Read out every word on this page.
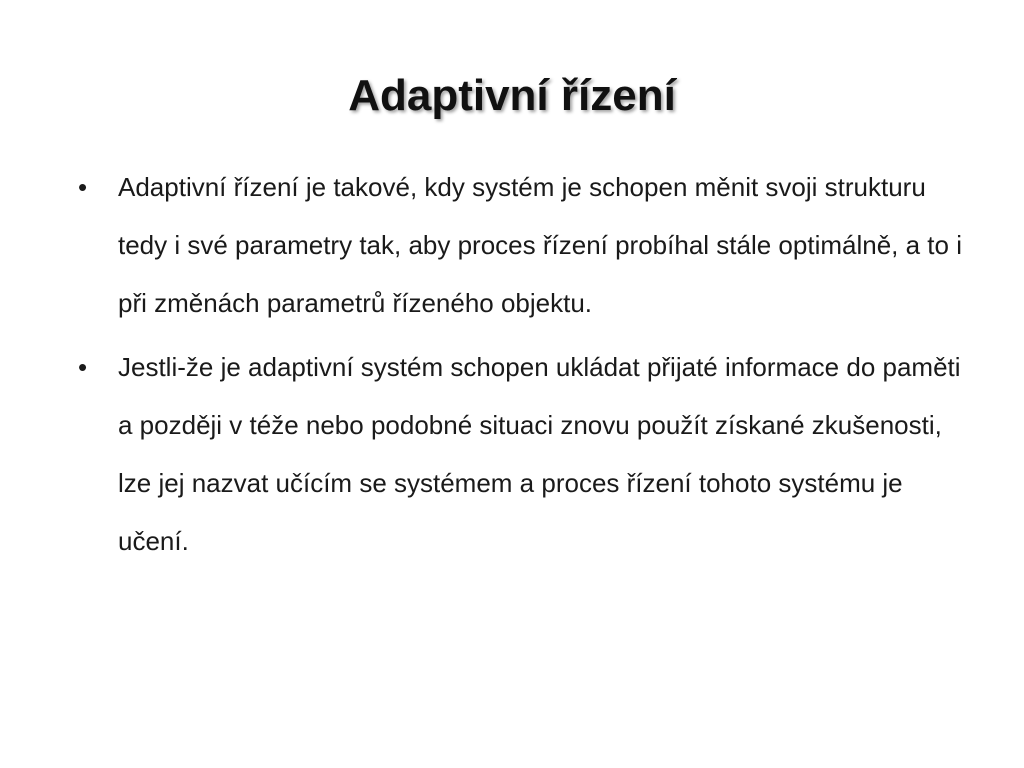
Adaptivní řízení
• Adaptivní řízení je takové, kdy systém je schopen měnit svoji strukturu tedy i své parametry tak, aby proces řízení probíhal stále optimálně, a to i při změnách parametrů řízeného objektu.
• Jestli-že je adaptivní systém schopen ukládat přijaté informace do paměti a později v téže nebo podobné situaci znovu použít získané zkušenosti, lze jej nazvat učícím se systémem a proces řízení tohoto systému je učení.
